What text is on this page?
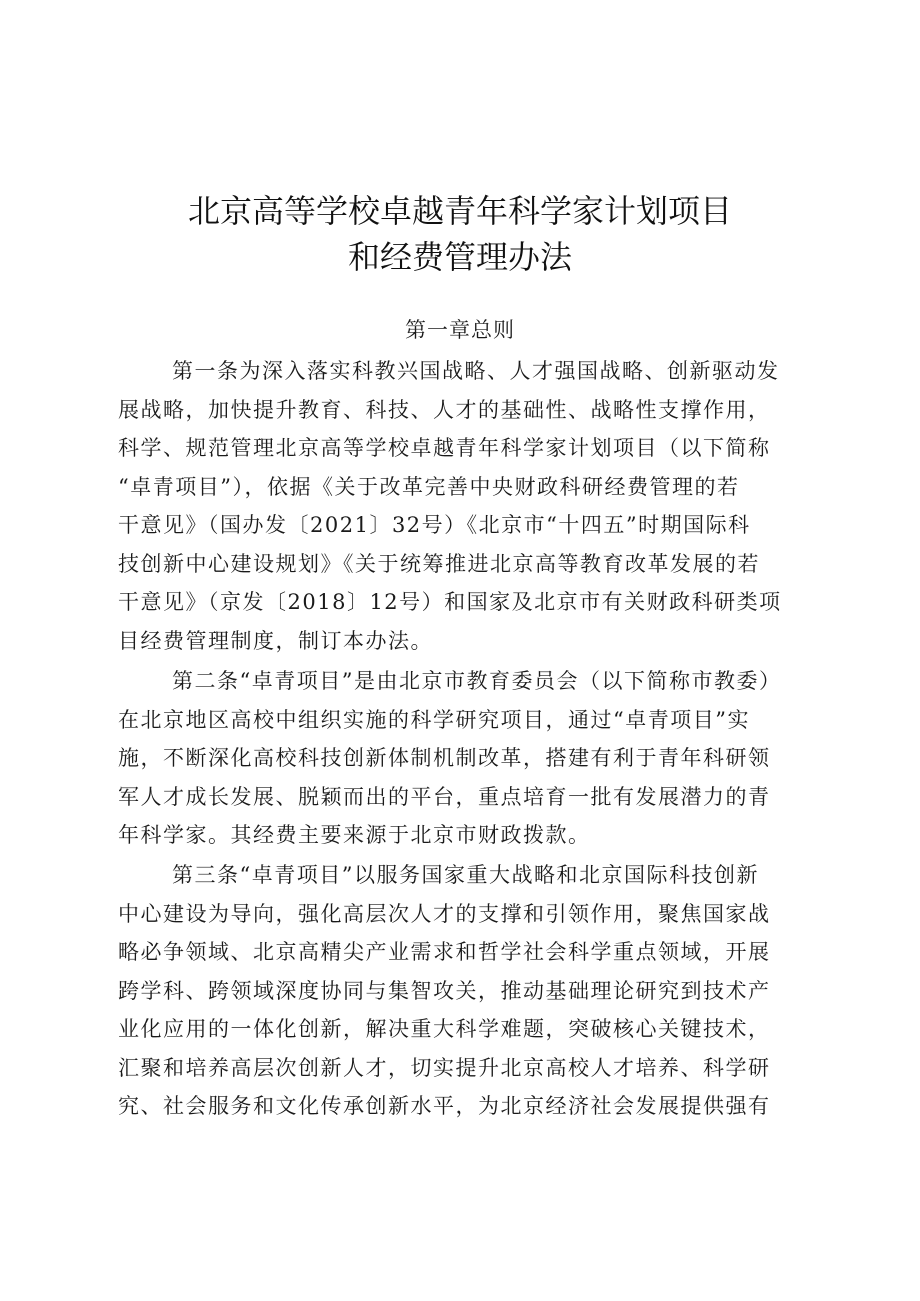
北京高等学校卓越青年科学家计划项目
和经费管理办法
第一章总则
第一条为深入落实科教兴国战略、人才强国战略、创新驱动发
展战略，加快提升教育、科技、人才的基础性、战略性支撑作用，
科学、规范管理北京高等学校卓越青年科学家计划项目（以下简称
“卓青项目”），依据《关于改革完善中央财政科研经费管理的若
干意见》（国办发〔2021〕32号）《北京市“十四五”时期国际科
技创新中心建设规划》《关于统筹推进北京高等教育改革发展的若
干意见》（京发〔2018〕12号）和国家及北京市有关财政科研类项
目经费管理制度，制订本办法。
第二条“卓青项目”是由北京市教育委员会（以下简称市教委）
在北京地区高校中组织实施的科学研究项目，通过“卓青项目”实
施，不断深化高校科技创新体制机制改革，搭建有利于青年科研领
军人才成长发展、脱颖而出的平台，重点培育一批有发展潜力的青
年科学家。其经费主要来源于北京市财政拨款。
第三条“卓青项目”以服务国家重大战略和北京国际科技创新
中心建设为导向，强化高层次人才的支撑和引领作用，聚焦国家战
略必争领域、北京高精尖产业需求和哲学社会科学重点领域，开展
跨学科、跨领域深度协同与集智攻关，推动基础理论研究到技术产
业化应用的一体化创新，解决重大科学难题，突破核心关键技术，
汇聚和培养高层次创新人才，切实提升北京高校人才培养、科学研
究、社会服务和文化传承创新水平，为北京经济社会发展提供强有
